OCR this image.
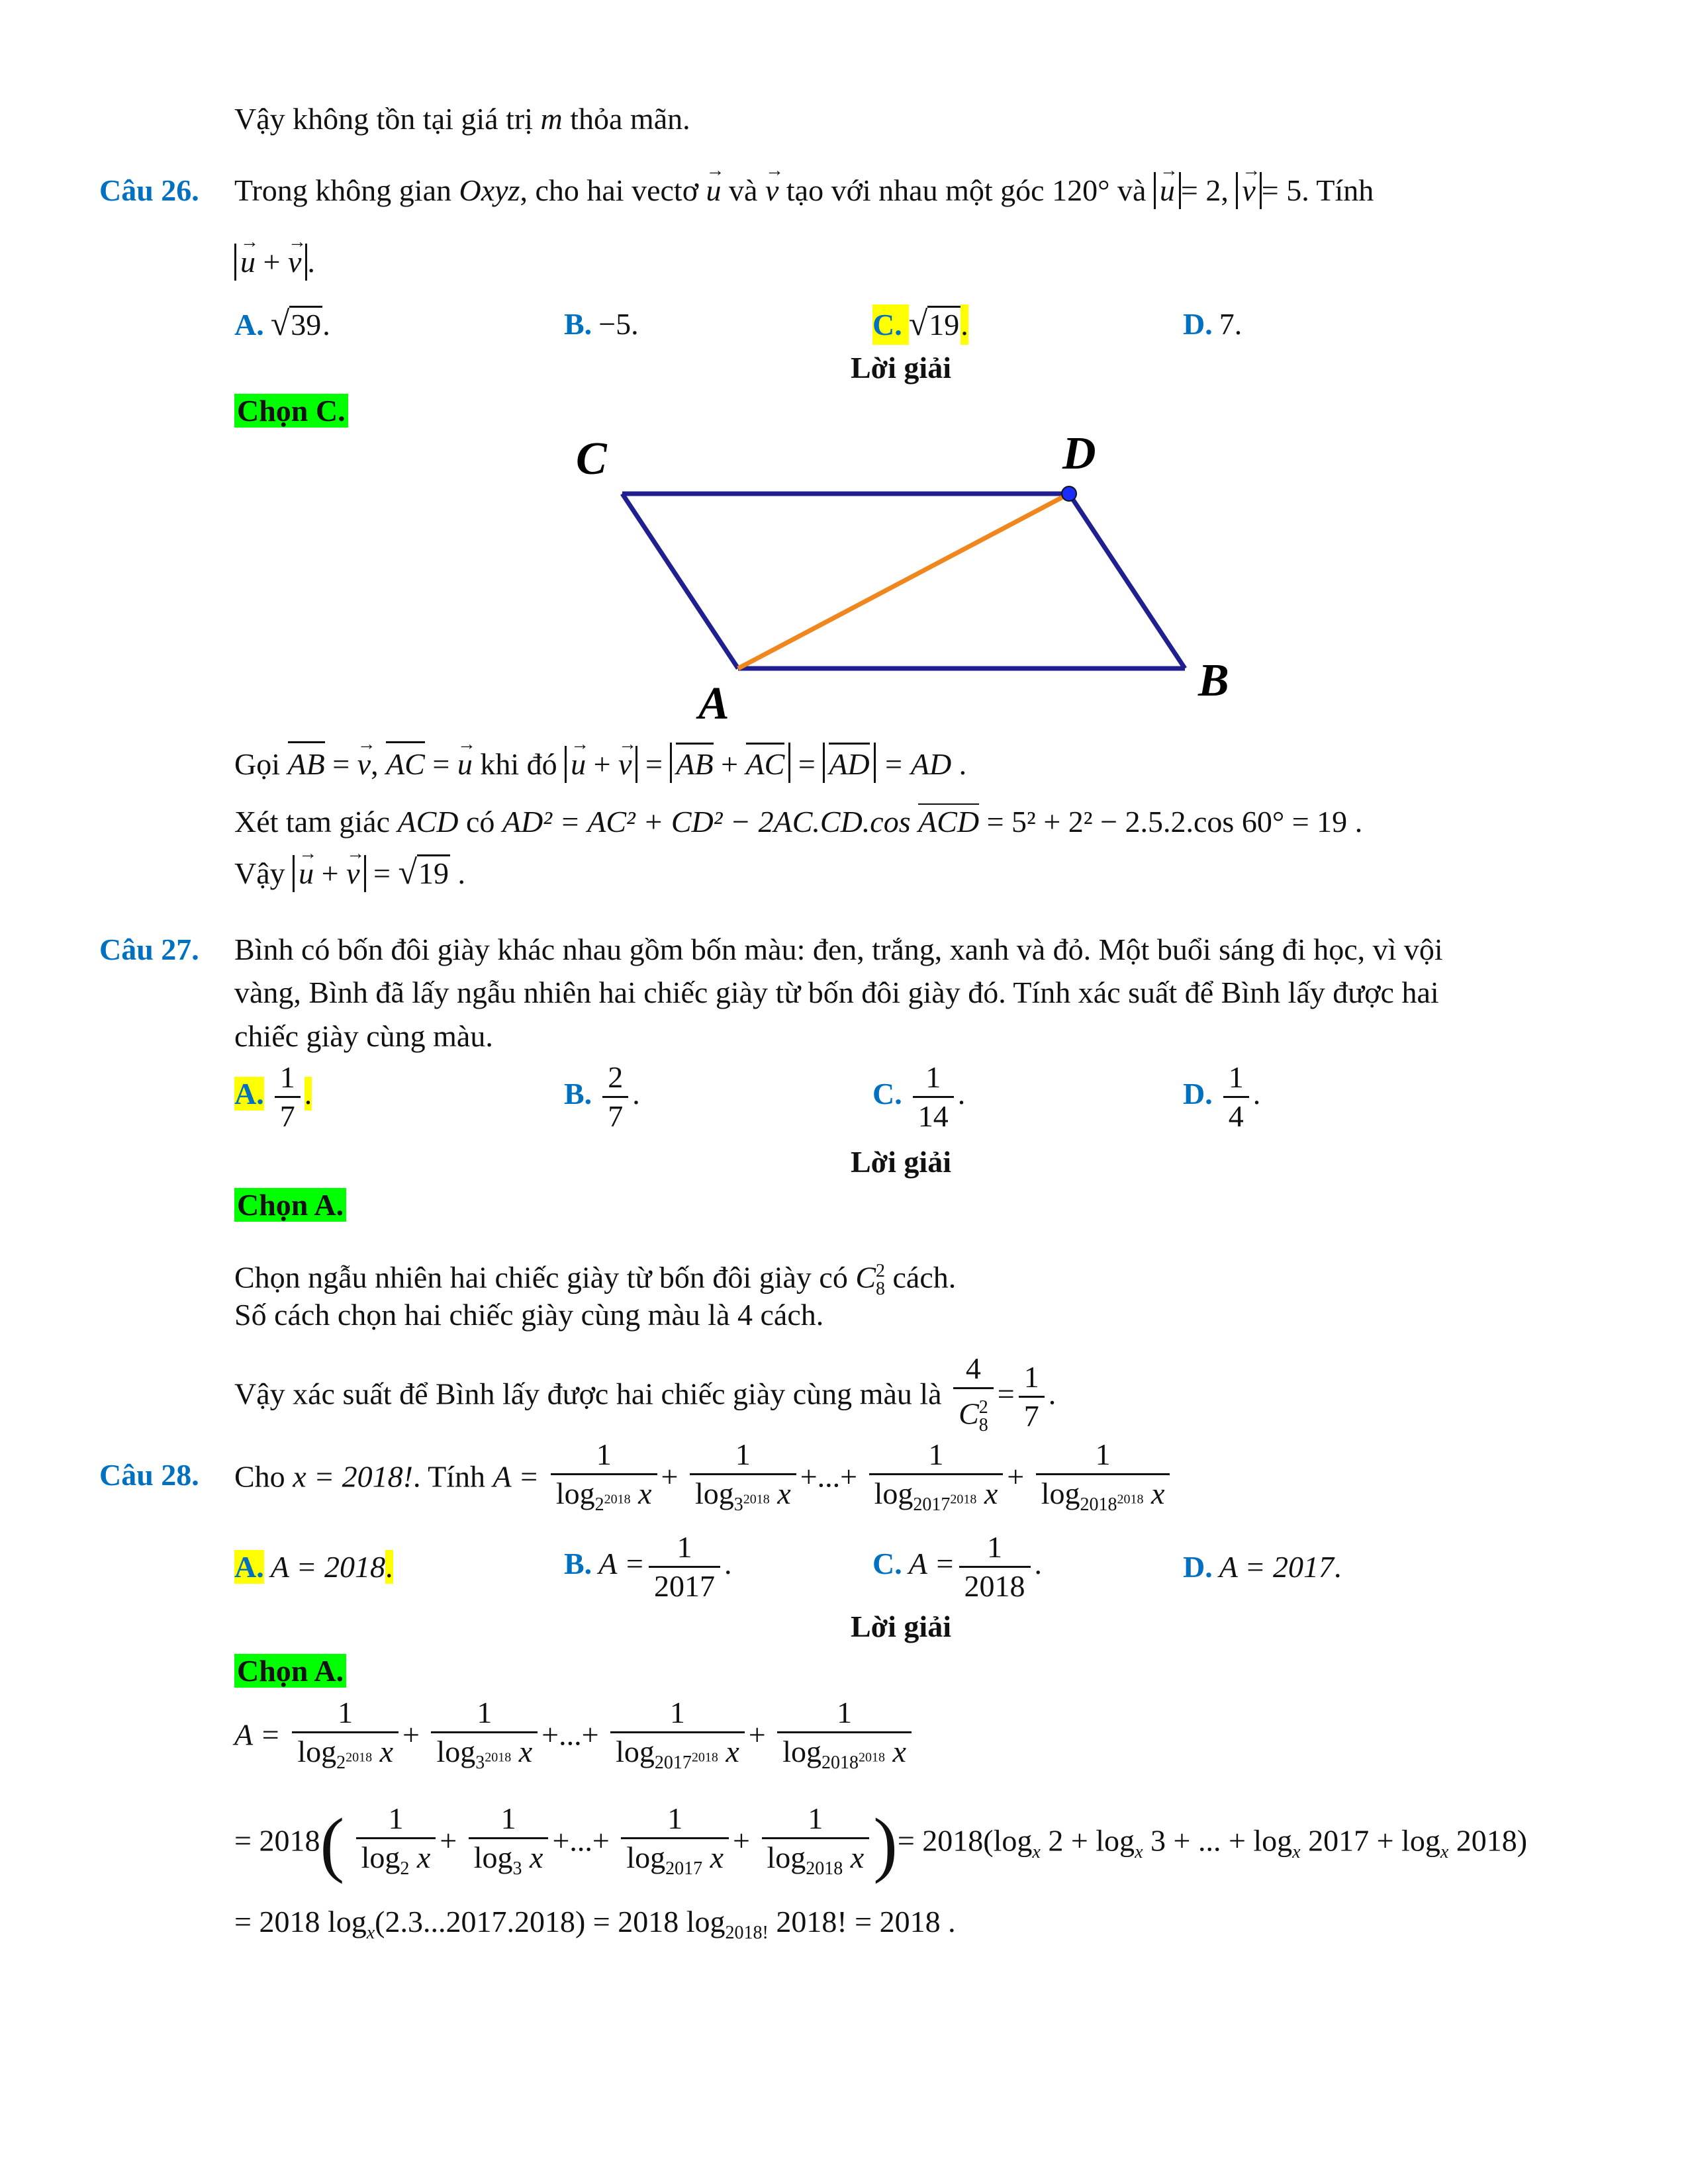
Vậy không tồn tại giá trị m thỏa mãn.
Câu 26. Trong không gian Oxyz, cho hai vectơ → u và → v tạo với nhau một góc 120° và → u = 2, → v = 5. Tính
→ u + → v .
A. √39.	B. −5.	C. √19.	D. 7.
Lời giải
Chọn C.
C	D
A	B
Gọi AB = → v, AC = → u khi đó → u + → v = AB + AC = AD = AD .
Xét tam giác ACD có AD² = AC² + CD² − 2AC.CD.cos ACD = 5² + 2² − 2.5.2.cos 60° = 19 .
Vậy → u + → v = √19 .
Câu 27. Bình có bốn đôi giày khác nhau gồm bốn màu: đen, trắng, xanh và đỏ. Một buổi sáng đi học, vì vội
vàng, Bình đã lấy ngẫu nhiên hai chiếc giày từ bốn đôi giày đó. Tính xác suất để Bình lấy được hai
chiếc giày cùng màu.
A. $\frac{1}{7}$ .	B. $\frac{2}{7}$ .	C. $\frac{1}{14}$ .	D. $\frac{1}{4}$ .
Lời giải
Chọn A.
Chọn ngẫu nhiên hai chiếc giày từ bốn đôi giày có $C^2_8$ cách.
Số cách chọn hai chiếc giày cùng màu là 4 cách.
Vậy xác suất để Bình lấy được hai chiếc giày cùng màu là $\frac{4}{C^2_8} = \frac{1}{7}$ .
Câu 28. Cho x = 2018!. Tính $A = \frac{1}{\log_{2^{2018}} x} + \frac{1}{\log_{3^{2018}} x}$ +...+ $\frac{1}{\log_{2017^{2018}} x} + \frac{1}{\log_{2018^{2018}} x}$
A. A = 2018.	B. $A = \frac{1}{2017}$ .	C. $A = \frac{1}{2018}$ .	D. A = 2017.
Lời giải
Chọn A.
$A = \frac{1}{\log_{2^{2018}} x} + \frac{1}{\log_{3^{2018}} x}$ +...+ $\frac{1}{\log_{2017^{2018}} x} + \frac{1}{\log_{2018^{2018}} x}$
= $2018( \frac{1}{\log_2 x} + \frac{1}{\log_3 x}$ +...+ $\frac{1}{\log_{2017} x} + \frac{1}{\log_{2018} x}$ )= $2018(\log_x$ $2 + \log_x 3$ + ... + $\log_x 2017 + \log_x 2018$)
= 2018 $\log_x(2.3...2017.2018) = 2018$ $\log_{2018!} 2018$! = 2018 .
